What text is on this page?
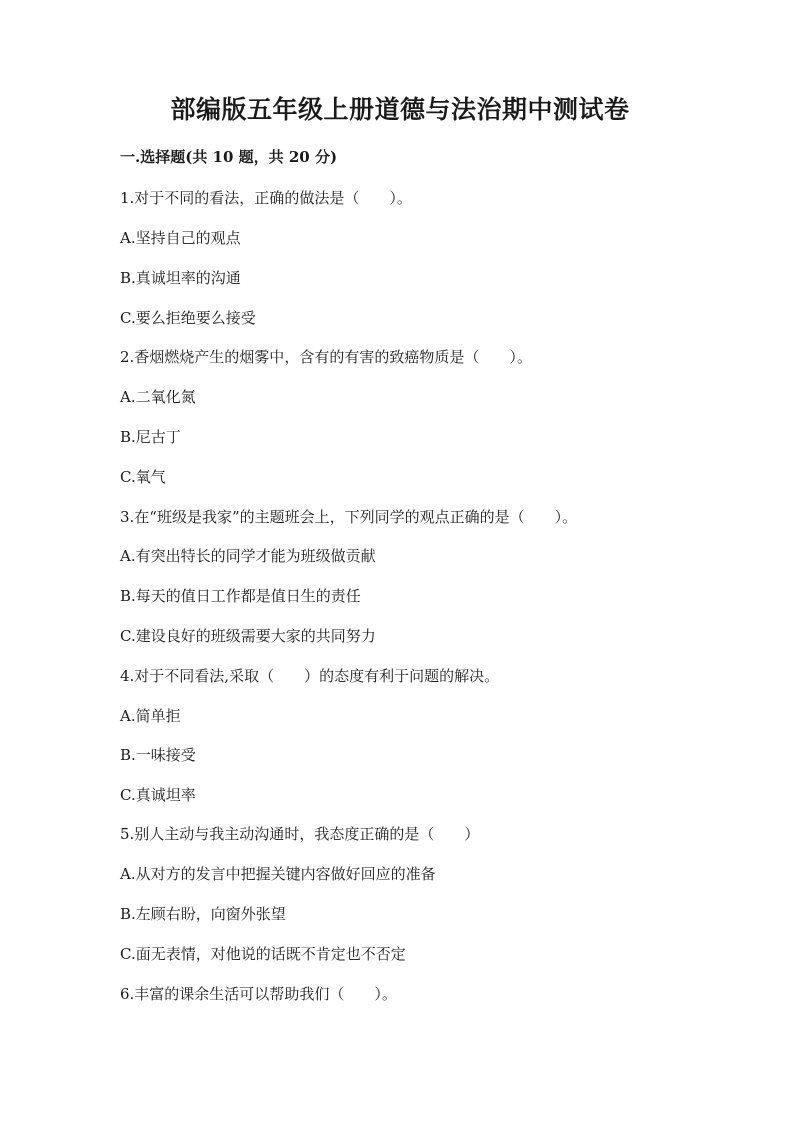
部编版五年级上册道德与法治期中测试卷
一.选择题(共 10 题，共 20 分)
1.对于不同的看法，正确的做法是（　　）。
A.坚持自己的观点
B.真诚坦率的沟通
C.要么拒绝要么接受
2.香烟燃烧产生的烟雾中，含有的有害的致癌物质是（　　）。
A.二氧化氮
B.尼古丁
C.氧气
3.在“班级是我家”的主题班会上，下列同学的观点正确的是（　　）。
A.有突出特长的同学才能为班级做贡献
B.每天的值日工作都是值日生的责任
C.建设良好的班级需要大家的共同努力
4.对于不同看法,采取（　　）的态度有利于问题的解决。
A.简单拒
B.一味接受
C.真诚坦率
5.别人主动与我主动沟通时，我态度正确的是（　　）
A.从对方的发言中把握关键内容做好回应的准备
B.左顾右盼，向窗外张望
C.面无表情，对他说的话既不肯定也不否定
6.丰富的课余生活可以帮助我们（　　）。
